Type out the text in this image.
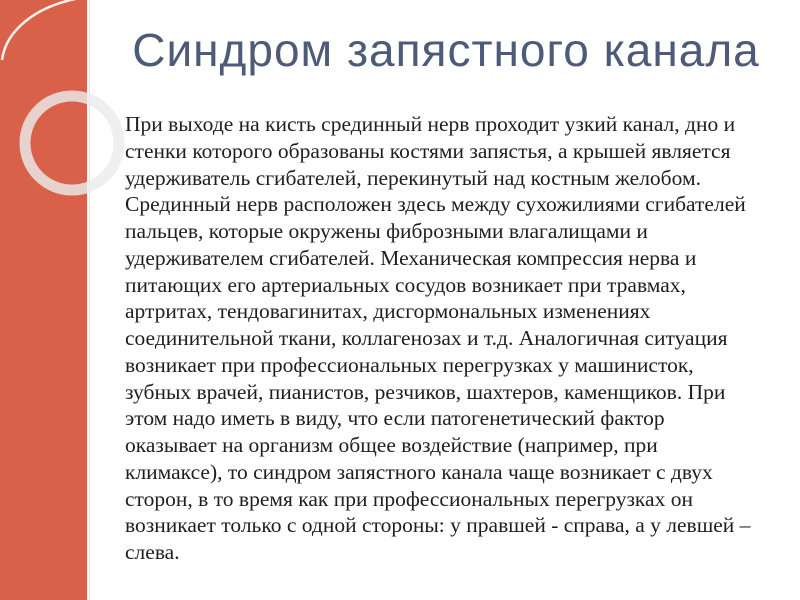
Синдром запястного канала
При выходе на кисть срединный нерв проходит узкий канал, дно и
стенки которого образованы костями запястья, а крышей является
удерживатель сгибателей, перекинутый над костным желобом.
Срединный нерв расположен здесь между сухожилиями сгибателей
пальцев, которые окружены фиброзными влагалищами и
удерживателем сгибателей. Механическая компрессия нерва и
питающих его артериальных сосудов возникает при травмах,
артритах, тендовагинитах, дисгормональных изменениях
соединительной ткани, коллагенозах и т.д. Аналогичная ситуация
возникает при профессиональных перегрузках у машинисток,
зубных врачей, пианистов, резчиков, шахтеров, каменщиков. При
этом надо иметь в виду, что если патогенетический фактор
оказывает на организм общее воздействие (например, при
климаксе), то синдром запястного канала чаще возникает с двух
сторон, в то время как при профессиональных перегрузках он
возникает только с одной стороны: у правшей - справа, а у левшей –
слева.
